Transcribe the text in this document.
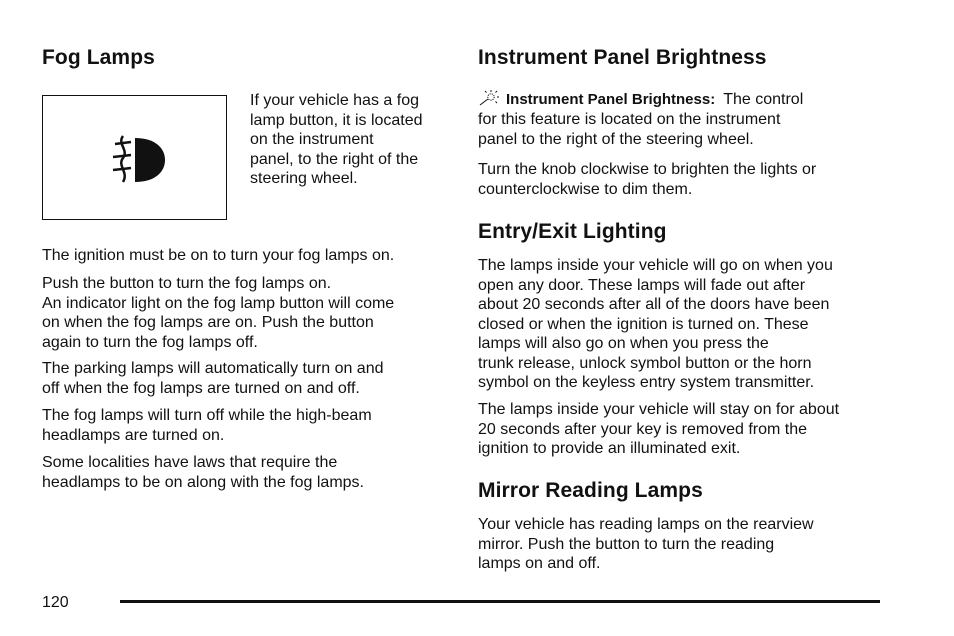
Fog Lamps

If your vehicle has a fog
lamp button, it is located
on the instrument
panel, to the right of the
steering wheel.

The ignition must be on to turn your fog lamps on.

Push the button to turn the fog lamps on.
An indicator light on the fog lamp button will come
on when the fog lamps are on. Push the button
again to turn the fog lamps off.

The parking lamps will automatically turn on and
off when the fog lamps are turned on and off.

The fog lamps will turn off while the high-beam
headlamps are turned on.

Some localities have laws that require the
headlamps to be on along with the fog lamps.

Instrument Panel Brightness

Instrument Panel Brightness: The control

for this feature is located on the instrument
panel to the right of the steering wheel.

Turn the knob clockwise to brighten the lights or
counterclockwise to dim them.

Entry/Exit Lighting

The lamps inside your vehicle will go on when you
open any door. These lamps will fade out after
about 20 seconds after all of the doors have been
closed or when the ignition is turned on. These
lamps will also go on when you press the
trunk release, unlock symbol button or the horn
symbol on the keyless entry system transmitter.

The lamps inside your vehicle will stay on for about
20 seconds after your key is removed from the
ignition to provide an illuminated exit.

Mirror Reading Lamps

Your vehicle has reading lamps on the rearview
mirror. Push the button to turn the reading
lamps on and off.

120
